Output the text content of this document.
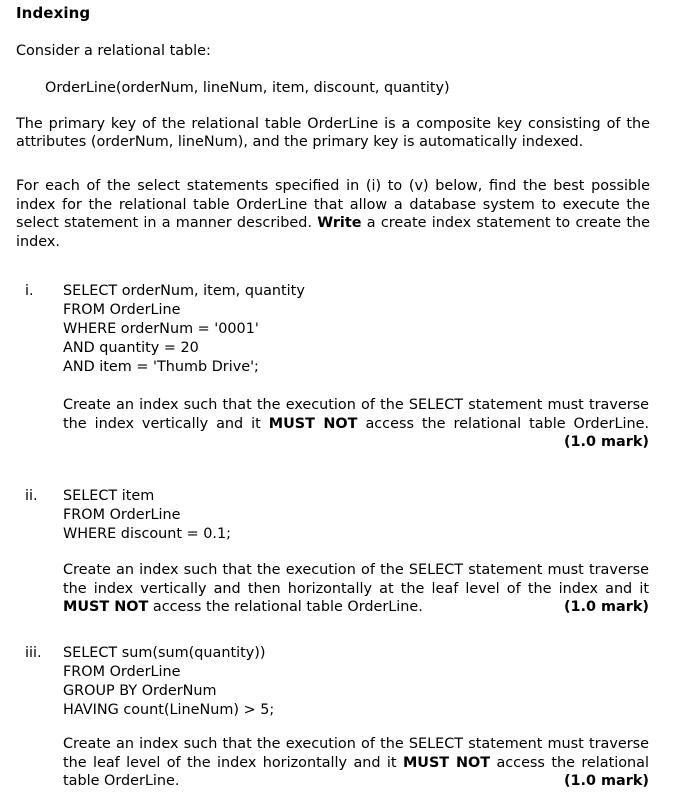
Indexing
Consider a relational table:
OrderLine(orderNum, lineNum, item, discount, quantity)
The primary key of the relational table OrderLine is a composite key consisting of the attributes (orderNum, lineNum), and the primary key is automatically indexed.
For each of the select statements specified in (i) to (v) below, find the best possible index for the relational table OrderLine that allow a database system to execute the select statement in a manner described. Write a create index statement to create the index.
i.	SELECT orderNum, item, quantity
FROM OrderLine
WHERE orderNum = '0001'
AND quantity = 20
AND item = 'Thumb Drive';
Create an index such that the execution of the SELECT statement must traverse
the index vertically and it MUST NOT access the relational table OrderLine.
(1.0 mark)
ii.	SELECT item
FROM OrderLine
WHERE discount = 0.1;
Create an index such that the execution of the SELECT statement must traverse
the index vertically and then horizontally at the leaf level of the index and it
MUST NOT access the relational table OrderLine.	(1.0 mark)
iii.	SELECT sum(sum(quantity))
FROM OrderLine
GROUP BY OrderNum
HAVING count(LineNum) > 5;
Create an index such that the execution of the SELECT statement must traverse
the leaf level of the index horizontally and it MUST NOT access the relational
table OrderLine.	(1.0 mark)
